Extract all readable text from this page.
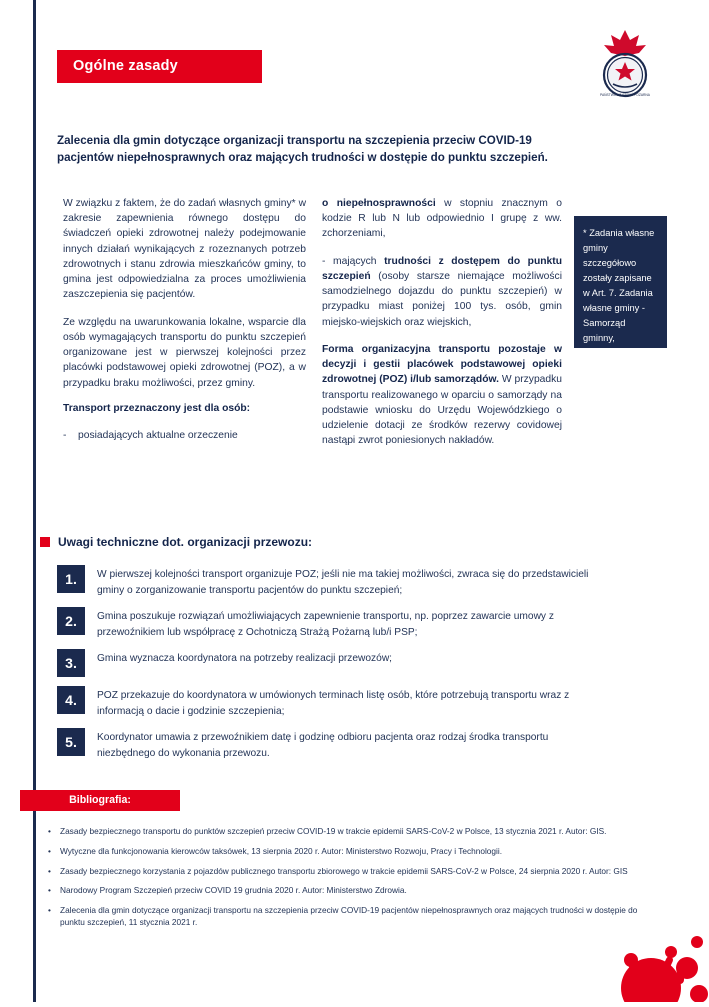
Ogólne zasady
PAŃSTWOWA STRAŻ POŻARNA
Zalecenia dla gmin dotyczące organizacji transportu na szczepienia przeciw COVID-19 pacjentów niepełnosprawnych oraz mających trudności w dostępie do punktu szczepień.

W związku z faktem, że do zadań własnych gminy* w zakresie zapewnienia równego dostępu do świadczeń opieki zdrowotnej należy podejmowanie innych działań wynikających z rozeznanych potrzeb zdrowotnych i stanu zdrowia mieszkańców gminy, to gmina jest odpowiedzialna za proces umożliwienia zaszczepienia się pacjentów.

Ze względu na uwarunkowania lokalne, wsparcie dla osób wymagających transportu do punktu szczepień organizowane jest w pierwszej kolejności przez placówki podstawowej opieki zdrowotnej (POZ), a w przypadku braku możliwości, przez gminy.

Transport przeznaczony jest dla osób:

-	posiadających aktualne orzeczenie

o niepełnosprawności w stopniu znacznym o kodzie R lub N lub odpowiednio I grupę z ww. zchorzeniami,

- mających trudności z dostępem do punktu szczepień (osoby starsze niemające możliwości samodzielnego dojazdu do punktu szczepień) w przypadku miast poniżej 100 tys. osób, gmin miejsko-wiejskich oraz wiejskich,

Forma organizacyjna transportu pozostaje w decyzji i gestii placówek podstawowej opieki zdrowotnej (POZ) i/lub samorządów. W przypadku transportu realizowanego w oparciu o samorządy na podstawie wniosku do Urzędu Wojewódzkiego o udzielenie dotacji ze środków rezerwy covidowej nastąpi zwrot poniesionych nakładów.

* Zadania własne gminy szczegółowo zostały zapisane w Art. 7. Zadania własne gminy - Samorząd gminny, Dz.U.2020.713 t.j.
Uwagi techniczne dot. organizacji przewozu:
1.	W pierwszej kolejności transport organizuje POZ; jeśli nie ma takiej możliwości, zwraca się do przedstawicieli gminy o zorganizowanie transportu pacjentów do punktu szczepień;
2.	Gmina poszukuje rozwiązań umożliwiających zapewnienie transportu, np. poprzez zawarcie umowy z przewoźnikiem lub współpracę z Ochotniczą Strażą Pożarną lub/i PSP;
3.	Gmina wyznacza koordynatora na potrzeby realizacji przewozów;
4.	POZ przekazuje do koordynatora w umówionych terminach listę osób, które potrzebują transportu wraz z informacją o dacie i godzinie szczepienia;
5.	Koordynator umawia z przewoźnikiem datę i godzinę odbioru pacjenta oraz rodzaj środka transportu niezbędnego do wykonania przewozu.
Bibliografia:
•	Zasady bezpiecznego transportu do punktów szczepień przeciw COVID-19 w trakcie epidemii SARS-CoV-2 w Polsce, 13 stycznia 2021 r. Autor: GIS.
•	Wytyczne dla funkcjonowania kierowców taksówek, 13 sierpnia 2020 r. Autor: Ministerstwo Rozwoju, Pracy i Technologii.
•	Zasady bezpiecznego korzystania z pojazdów publicznego transportu zbiorowego w trakcie epidemii SARS-CoV-2 w Polsce, 24 sierpnia 2020 r. Autor: GIS
•	Narodowy Program Szczepień przeciw COVID 19 grudnia 2020 r. Autor: Ministerstwo Zdrowia.
•	Zalecenia dla gmin dotyczące organizacji transportu na szczepienia przeciw COVID-19 pacjentów niepełnosprawnych oraz mających trudności w dostępie do punktu szczepień, 11 stycznia 2021 r.
